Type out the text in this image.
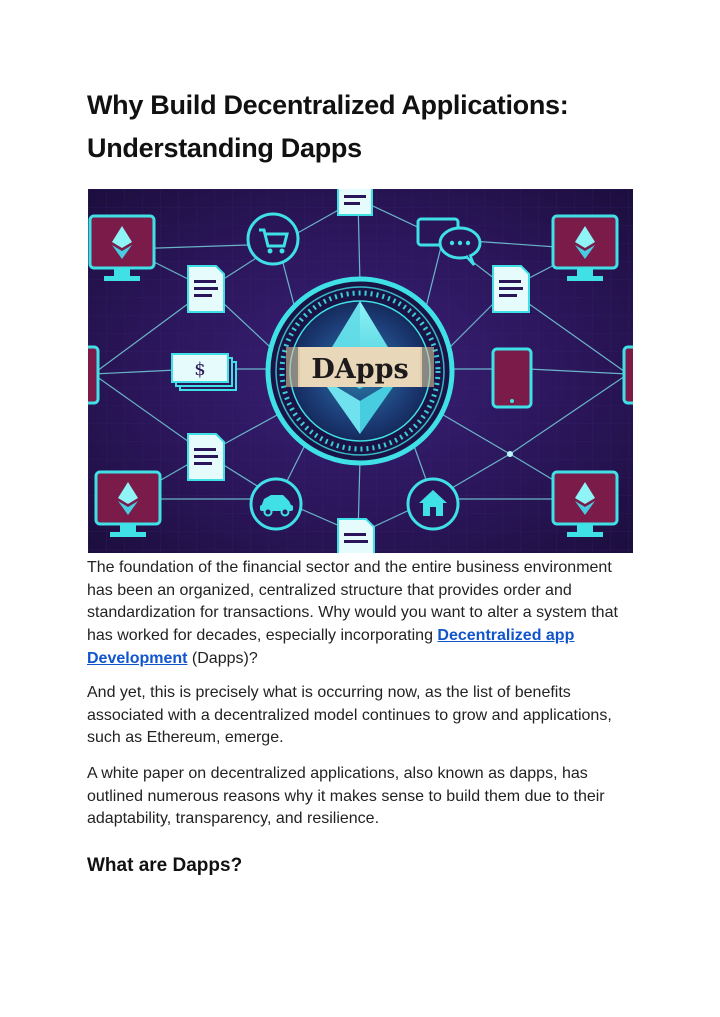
Why Build Decentralized Applications:
Understanding Dapps
DApps
$

The foundation of the financial sector and the entire business environment has been an organized, centralized structure that provides order and standardization for transactions. Why would you want to alter a system that has worked for decades, especially incorporating Decentralized app Development (Dapps)?

And yet, this is precisely what is occurring now, as the list of benefits associated with a decentralized model continues to grow and applications, such as Ethereum, emerge.

A white paper on decentralized applications, also known as dapps, has outlined numerous reasons why it makes sense to build them due to their adaptability, transparency, and resilience.

What are Dapps?
